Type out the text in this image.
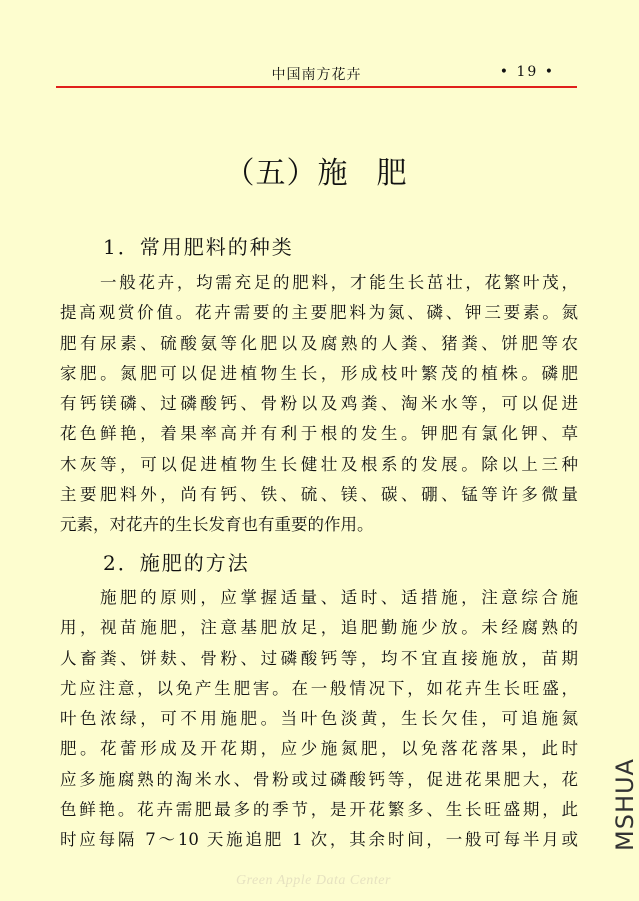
中国南方花卉	• 19 •
（五）施 肥
1．常用肥料的种类
一般花卉，均需充足的肥料，才能生长茁壮，花繁叶茂，
提高观赏价值。花卉需要的主要肥料为氮、磷、钾三要素。氮
肥有尿素、硫酸氨等化肥以及腐熟的人粪、猪粪、饼肥等农
家肥。氮肥可以促进植物生长，形成枝叶繁茂的植株。磷肥
有钙镁磷、过磷酸钙、骨粉以及鸡粪、淘米水等，可以促进
花色鲜艳，着果率高并有利于根的发生。钾肥有氯化钾、草
木灰等，可以促进植物生长健壮及根系的发展。除以上三种
主要肥料外，尚有钙、铁、硫、镁、碳、硼、锰等许多微量
元素，对花卉的生长发育也有重要的作用。
2．施肥的方法
施肥的原则，应掌握适量、适时、适措施，注意综合施
用，视苗施肥，注意基肥放足，追肥勤施少放。未经腐熟的
人畜粪、饼麸、骨粉、过磷酸钙等，均不宜直接施放，苗期
尤应注意，以免产生肥害。在一般情况下，如花卉生长旺盛，
叶色浓绿，可不用施肥。当叶色淡黄，生长欠佳，可追施氮
肥。花蕾形成及开花期，应少施氮肥，以免落花落果，此时
应多施腐熟的淘米水、骨粉或过磷酸钙等，促进花果肥大，花
色鲜艳。花卉需肥最多的季节，是开花繁多、生长旺盛期，此
时应每隔 7～10 天施追肥 1 次，其余时间，一般可每半月或
Green Apple Data Center
MSHUA
